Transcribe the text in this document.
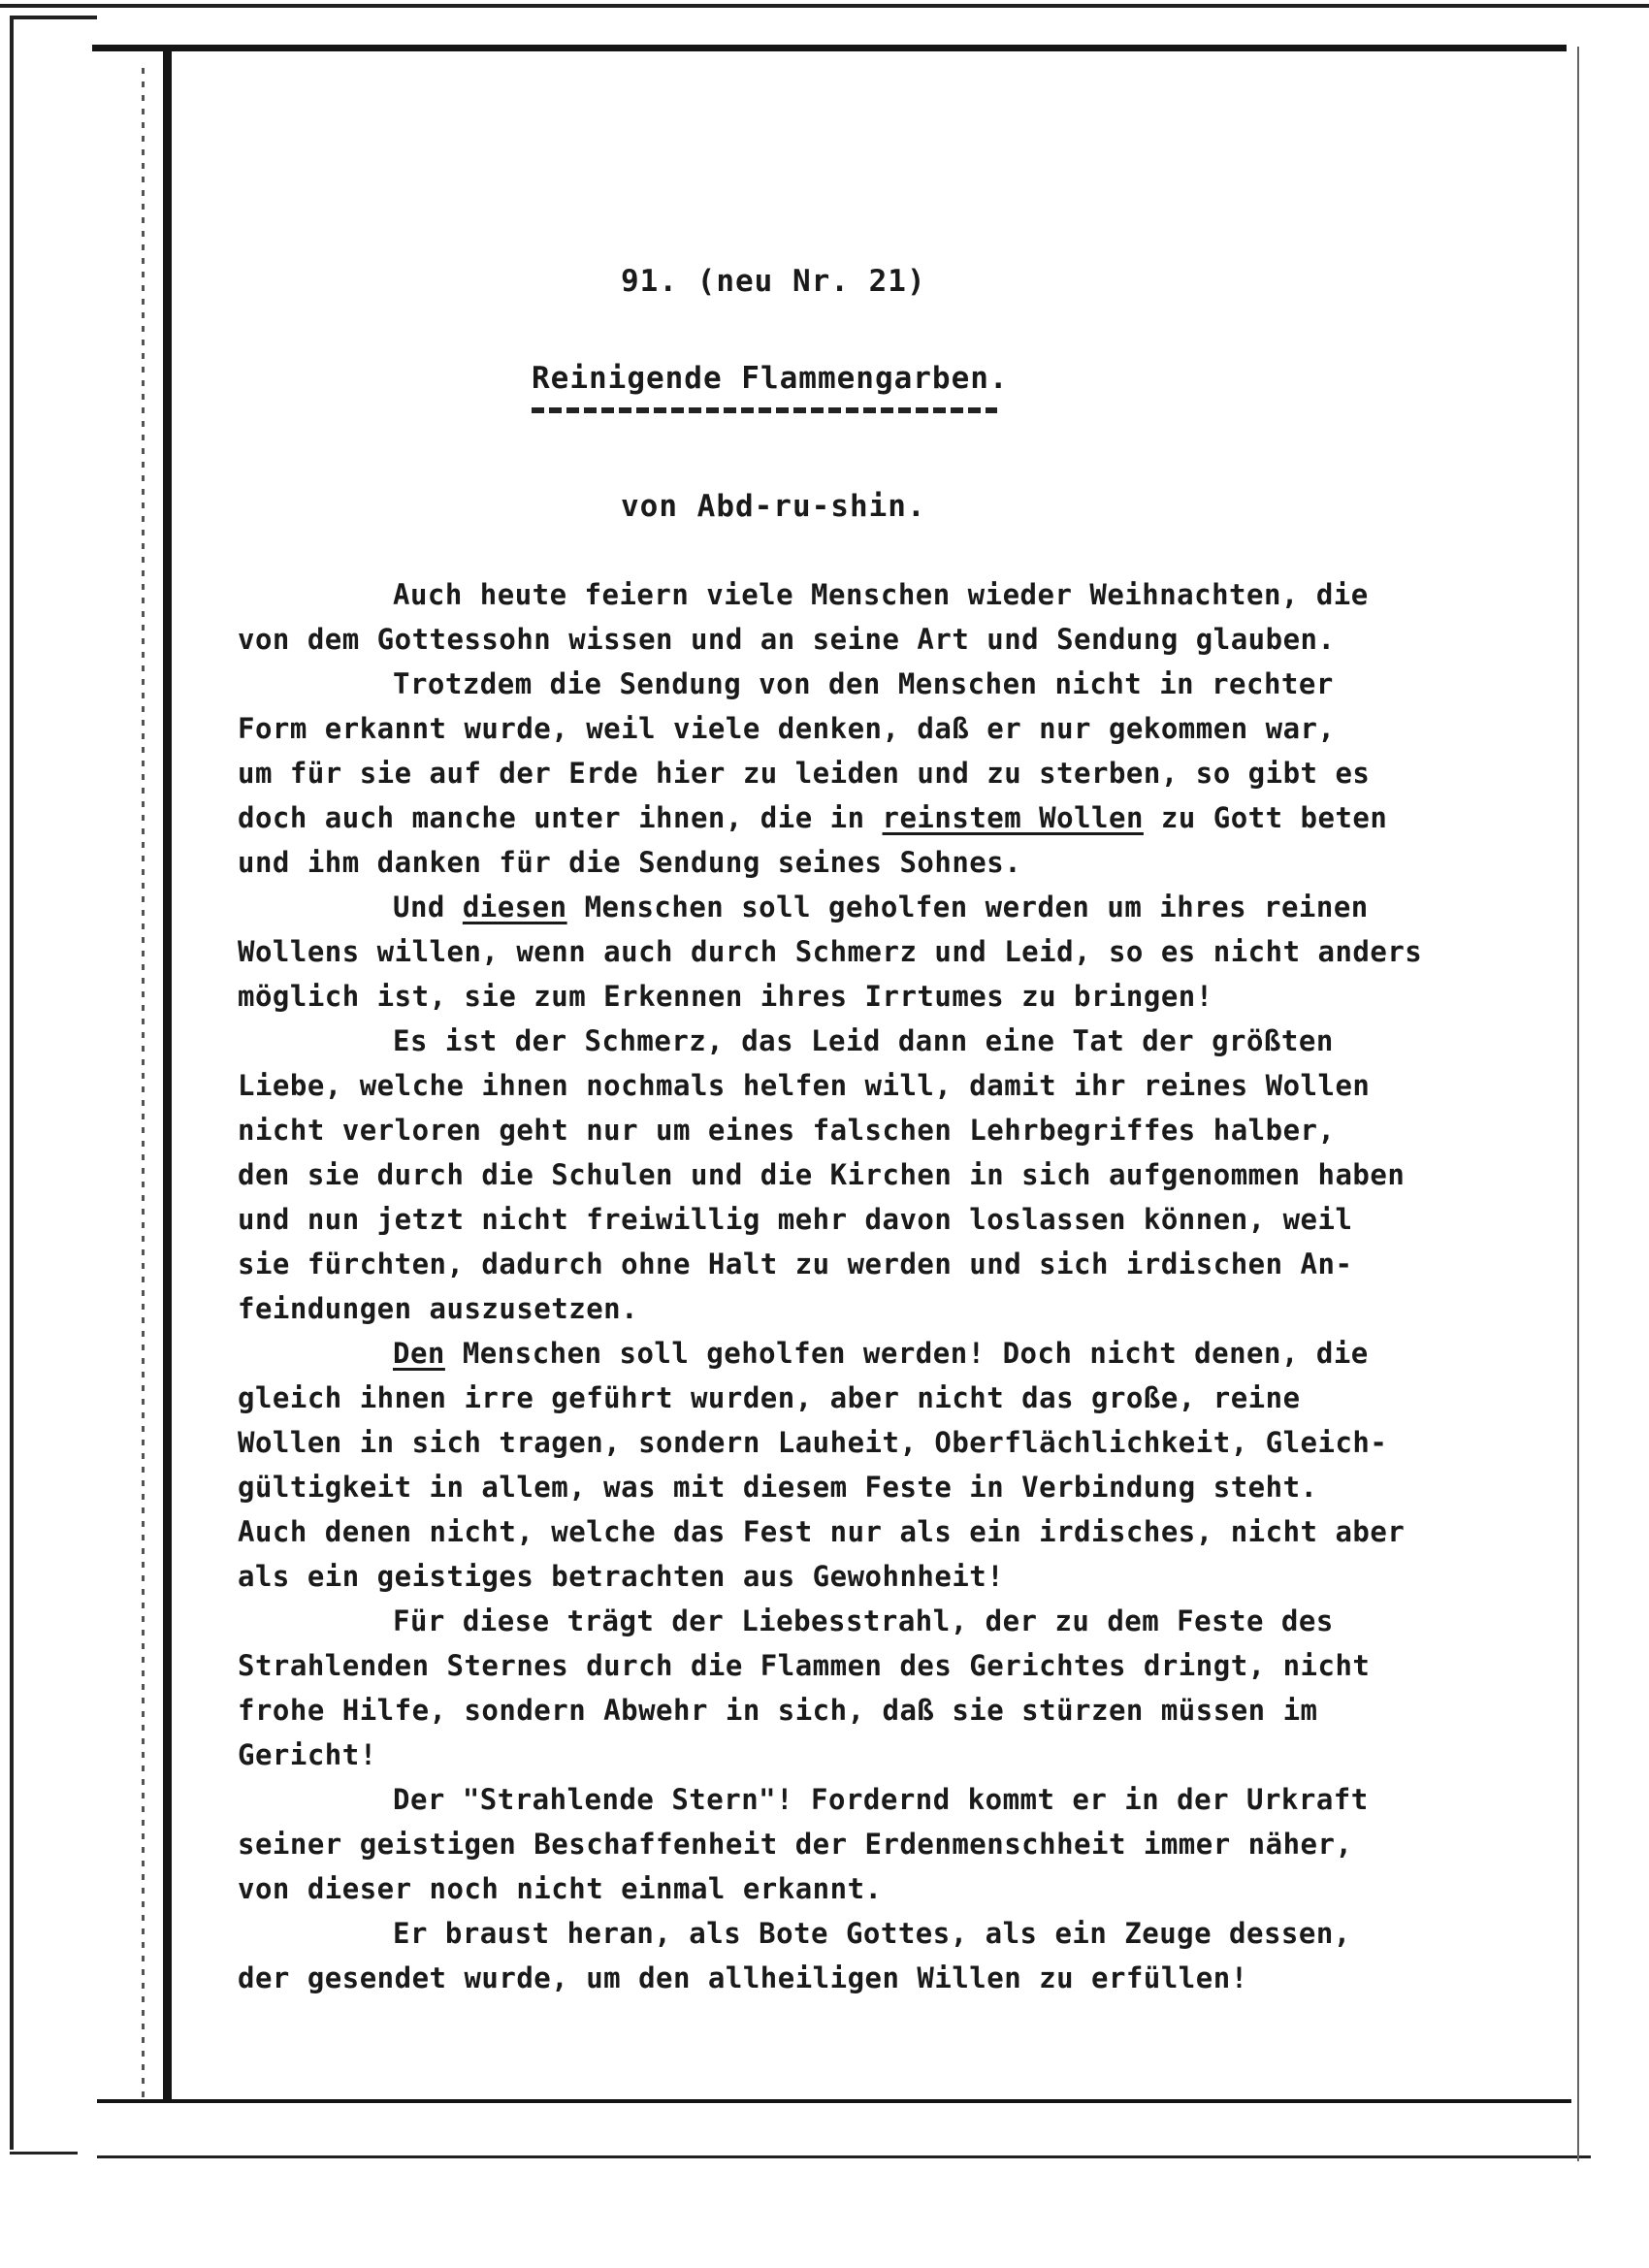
91. (neu Nr. 21)
Reinigende Flammengarben.
von Abd-ru-shin.

Auch heute feiern viele Menschen wieder Weihnachten, die
von dem Gottessohn wissen und an seine Art und Sendung glauben.

Trotzdem die Sendung von den Menschen nicht in rechter
Form erkannt wurde, weil viele denken, daß er nur gekommen war,
um für sie auf der Erde hier zu leiden und zu sterben, so gibt es
doch auch manche unter ihnen, die in reinstem Wollen zu Gott beten
und ihm danken für die Sendung seines Sohnes.

Und diesen Menschen soll geholfen werden um ihres reinen
Wollens willen, wenn auch durch Schmerz und Leid, so es nicht anders
möglich ist, sie zum Erkennen ihres Irrtumes zu bringen!

Es ist der Schmerz, das Leid dann eine Tat der größten
Liebe, welche ihnen nochmals helfen will, damit ihr reines Wollen
nicht verloren geht nur um eines falschen Lehrbegriffes halber,
den sie durch die Schulen und die Kirchen in sich aufgenommen haben
und nun jetzt nicht freiwillig mehr davon loslassen können, weil
sie fürchten, dadurch ohne Halt zu werden und sich irdischen An-
feindungen auszusetzen.

Den Menschen soll geholfen werden! Doch nicht denen, die
gleich ihnen irre geführt wurden, aber nicht das große, reine
Wollen in sich tragen, sondern Lauheit, Oberflächlichkeit, Gleich-
gültigkeit in allem, was mit diesem Feste in Verbindung steht.
Auch denen nicht, welche das Fest nur als ein irdisches, nicht aber
als ein geistiges betrachten aus Gewohnheit!

Für diese trägt der Liebesstrahl, der zu dem Feste des
Strahlenden Sternes durch die Flammen des Gerichtes dringt, nicht
frohe Hilfe, sondern Abwehr in sich, daß sie stürzen müssen im
Gericht!

Der "Strahlende Stern"! Fordernd kommt er in der Urkraft
seiner geistigen Beschaffenheit der Erdenmenschheit immer näher,
von dieser noch nicht einmal erkannt.

Er braust heran, als Bote Gottes, als ein Zeuge dessen,
der gesendet wurde, um den allheiligen Willen zu erfüllen!
